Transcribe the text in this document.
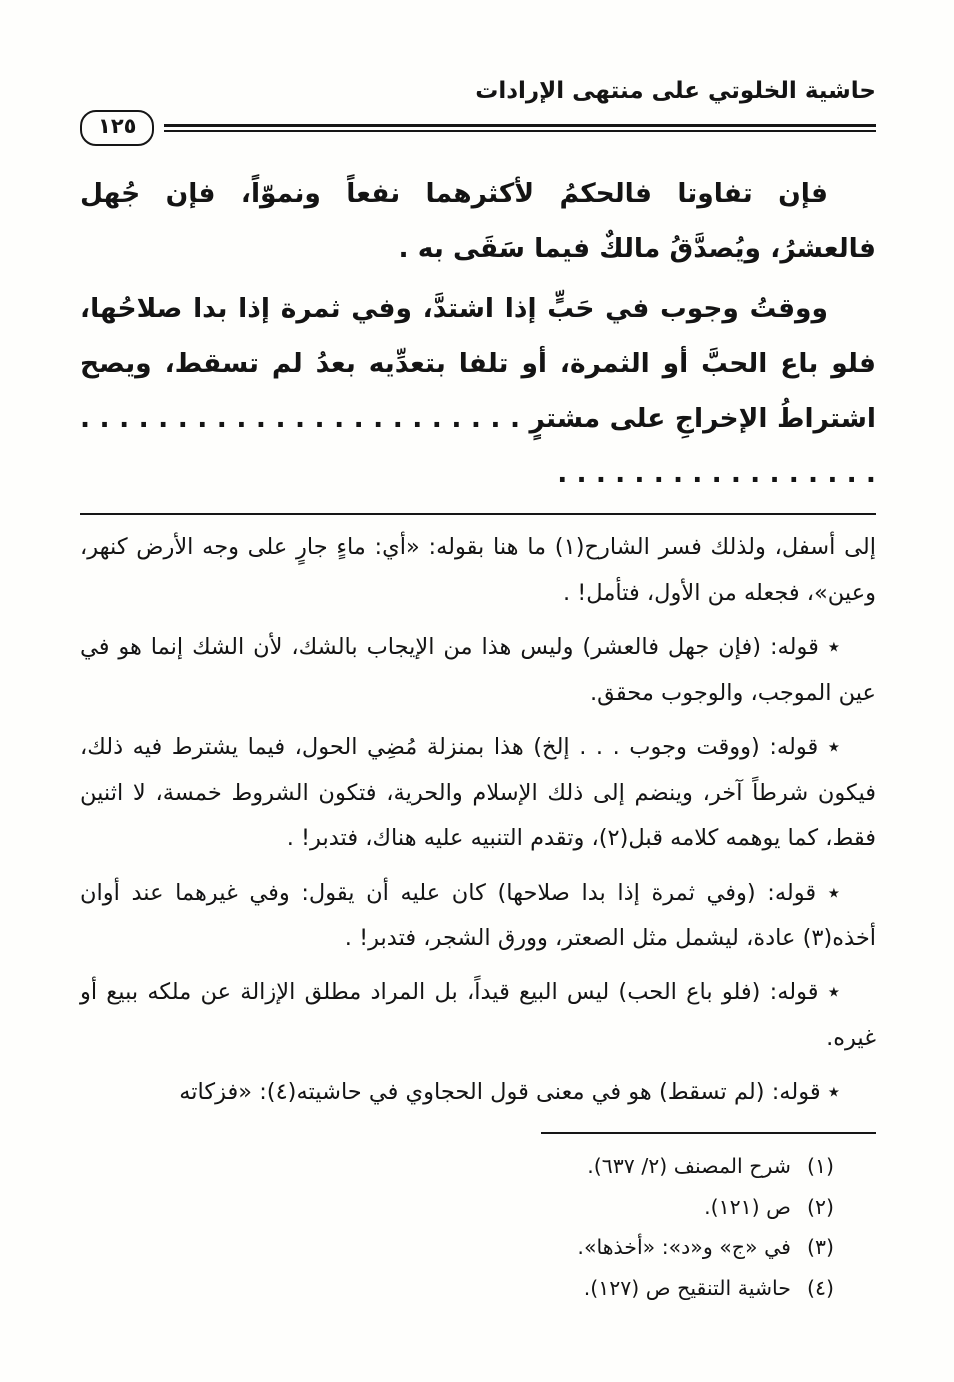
حاشية الخلوتي على منتهى الإرادات
١٢٥

فإن تفاوتا فالحكمُ لأكثرهما نفعاً ونموّاً، فإن جُهل فالعشرُ، ويُصدَّقُ مالكٌ فيما سَقَى به .

ووقتُ وجوب في حَبٍّ إذا اشتدَّ، وفي ثمرة إذا بدا صلاحُها، فلو باع الحبَّ أو الثمرة، أو تلفا بتعدِّيه بعدُ لم تسقط، ويصح اشتراطُ الإخراجِ على مشترٍ . . . . . . . . . . . . . . . . . . . . . . . . . . . . . . . . . . . . . . . .

إلى أسفل، ولذلك فسر الشارح(١) ما هنا بقوله: «أي: ماءٍ جارٍ على وجه الأرض كنهر، وعين»، فجعله من الأول، فتأمل! .

٭ قوله: (فإن جهل فالعشر) وليس هذا من الإيجاب بالشك، لأن الشك إنما هو في عين الموجب، والوجوب محقق.

٭ قوله: (ووقت وجوب . . . إلخ) هذا بمنزلة مُضِي الحول، فيما يشترط فيه ذلك، فيكون شرطاً آخر، وينضم إلى ذلك الإسلام والحرية، فتكون الشروط خمسة، لا اثنين فقط، كما يوهمه كلامه قبل(٢)، وتقدم التنبيه عليه هناك، فتدبر! .

٭ قوله: (وفي ثمرة إذا بدا صلاحها) كان عليه أن يقول: وفي غيرهما عند أوان أخذه(٣) عادة، ليشمل مثل الصعتر، وورق الشجر، فتدبر! .

٭ قوله: (فلو باع الحب) ليس البيع قيداً، بل المراد مطلق الإزالة عن ملكه ببيع أو غيره.

٭ قوله: (لم تسقط) هو في معنى قول الحجاوي في حاشيته(٤): «فزكاته

(١)
شرح المصنف (٢/ ٦٣٧).
(٢)
ص (١٢١).
(٣)
في «ج» و«د»: «أخذها».
(٤)
حاشية التنقيح ص (١٢٧).
